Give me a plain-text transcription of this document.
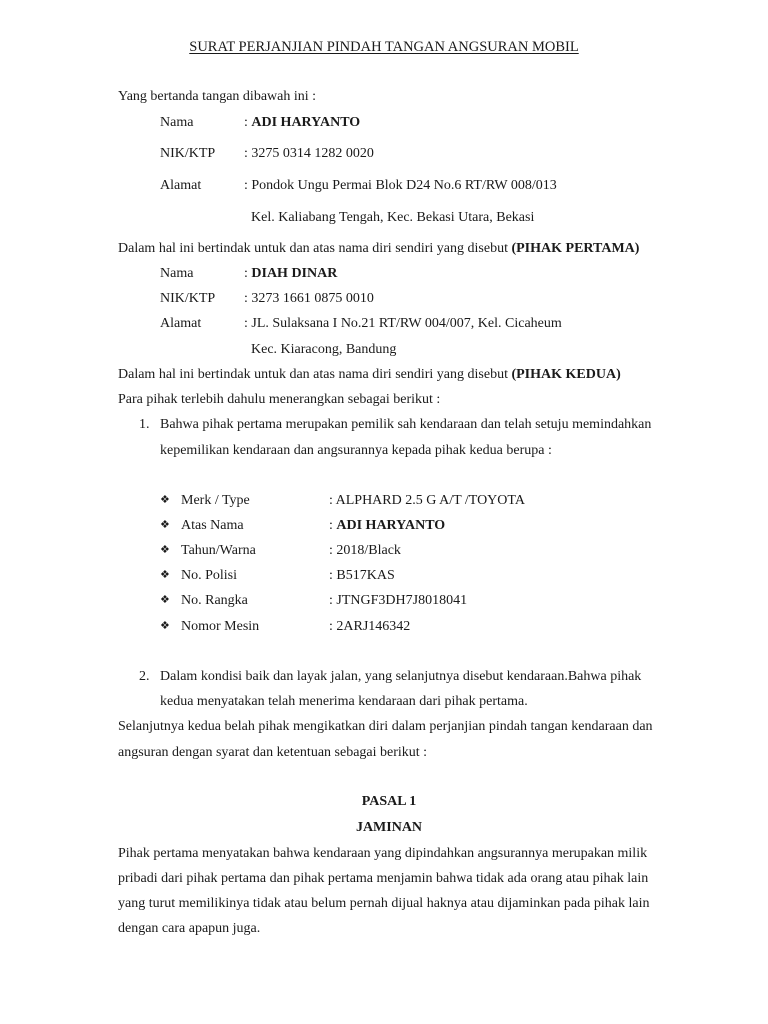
SURAT PERJANJIAN PINDAH TANGAN ANGSURAN MOBIL
Yang bertanda tangan dibawah ini :
Nama	: ADI HARYANTO
NIK/KTP : 3275 0314 1282 0020
Alamat	: Pondok Ungu Permai Blok D24 No.6 RT/RW 008/013
Kel. Kaliabang Tengah, Kec. Bekasi Utara, Bekasi
Dalam hal ini bertindak untuk dan atas nama diri sendiri yang disebut (PIHAK PERTAMA)
Nama	: DIAH DINAR
NIK/KTP : 3273 1661 0875 0010
Alamat	: JL. Sulaksana I No.21 RT/RW 004/007, Kel. Cicaheum
Kec. Kiaracong, Bandung
Dalam hal ini bertindak untuk dan atas nama diri sendiri yang disebut (PIHAK KEDUA)
Para pihak terlebih dahulu menerangkan sebagai berikut :
1. Bahwa pihak pertama merupakan pemilik sah kendaraan dan telah setuju memindahkan
kepemilikan kendaraan dan angsurannya kepada pihak kedua berupa :
❖ Merk / Type	: ALPHARD 2.5 G A/T /TOYOTA
❖ Atas Nama	: ADI HARYANTO
❖ Tahun/Warna	: 2018/Black
❖ No. Polisi	: B517KAS
❖ No. Rangka	: JTNGF3DH7J8018041
❖ Nomor Mesin	: 2ARJ146342
2. Dalam kondisi baik dan layak jalan, yang selanjutnya disebut kendaraan.Bahwa pihak
kedua menyatakan telah menerima kendaraan dari pihak pertama.
Selanjutnya kedua belah pihak mengikatkan diri dalam perjanjian pindah tangan kendaraan dan
angsuran dengan syarat dan ketentuan sebagai berikut :
PASAL 1
JAMINAN
Pihak pertama menyatakan bahwa kendaraan yang dipindahkan angsurannya merupakan milik
pribadi dari pihak pertama dan pihak pertama menjamin bahwa tidak ada orang atau pihak lain
yang turut memilikinya tidak atau belum pernah dijual haknya atau dijaminkan pada pihak lain
dengan cara apapun juga.
